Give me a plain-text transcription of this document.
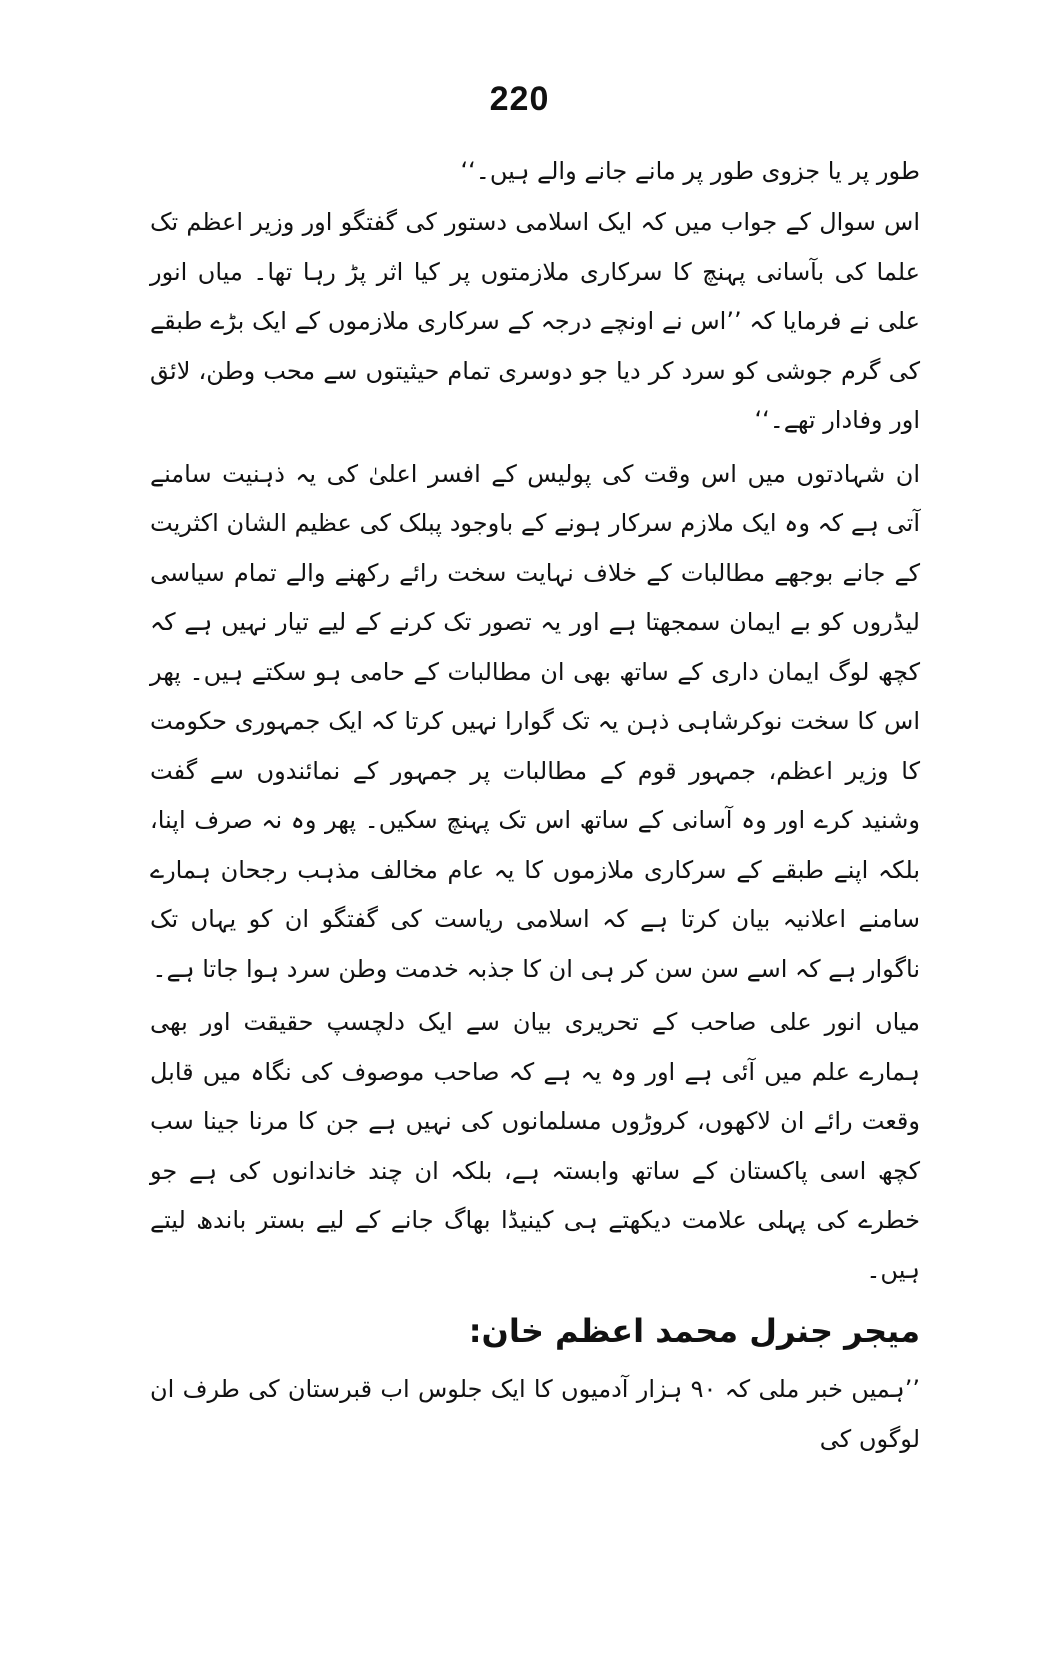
220

طور پر یا جزوی طور پر مانے جانے والے ہیں۔‘‘

اس سوال کے جواب میں کہ ایک اسلامی دستور کی گفتگو اور وزیر اعظم تک علما کی بآسانی پہنچ کا سرکاری ملازمتوں پر کیا اثر پڑ رہا تھا۔ میاں انور علی نے فرمایا کہ ’’اس نے اونچے درجہ کے سرکاری ملازموں کے ایک بڑے طبقے کی گرم جوشی کو سرد کر دیا جو دوسری تمام حیثیتوں سے محب وطن، لائق اور وفادار تھے۔‘‘

ان شہادتوں میں اس وقت کی پولیس کے افسر اعلیٰ کی یہ ذہنیت سامنے آتی ہے کہ وہ ایک ملازم سرکار ہونے کے باوجود پبلک کی عظیم الشان اکثریت کے جانے بوجھے مطالبات کے خلاف نہایت سخت رائے رکھنے والے تمام سیاسی لیڈروں کو بے ایمان سمجھتا ہے اور یہ تصور تک کرنے کے لیے تیار نہیں ہے کہ کچھ لوگ ایمان داری کے ساتھ بھی ان مطالبات کے حامی ہو سکتے ہیں۔ پھر اس کا سخت نوکرشاہی ذہن یہ تک گوارا نہیں کرتا کہ ایک جمہوری حکومت کا وزیر اعظم، جمہور قوم کے مطالبات پر جمہور کے نمائندوں سے گفت وشنید کرے اور وہ آسانی کے ساتھ اس تک پہنچ سکیں۔ پھر وہ نہ صرف اپنا، بلکہ اپنے طبقے کے سرکاری ملازموں کا یہ عام مخالف مذہب رجحان ہمارے سامنے اعلانیہ بیان کرتا ہے کہ اسلامی ریاست کی گفتگو ان کو یہاں تک ناگوار ہے کہ اسے سن سن کر ہی ان کا جذبہ خدمت وطن سرد ہوا جاتا ہے۔

میاں انور علی صاحب کے تحریری بیان سے ایک دلچسپ حقیقت اور بھی ہمارے علم میں آئی ہے اور وہ یہ ہے کہ صاحب موصوف کی نگاہ میں قابل وقعت رائے ان لاکھوں، کروڑوں مسلمانوں کی نہیں ہے جن کا مرنا جینا سب کچھ اسی پاکستان کے ساتھ وابستہ ہے، بلکہ ان چند خاندانوں کی ہے جو خطرے کی پہلی علامت دیکھتے ہی کینیڈا بھاگ جانے کے لیے بستر باندھ لیتے ہیں۔

میجر جنرل محمد اعظم خان:

’’ہمیں خبر ملی کہ ۹۰ ہزار آدمیوں کا ایک جلوس اب قبرستان کی طرف ان لوگوں کی
